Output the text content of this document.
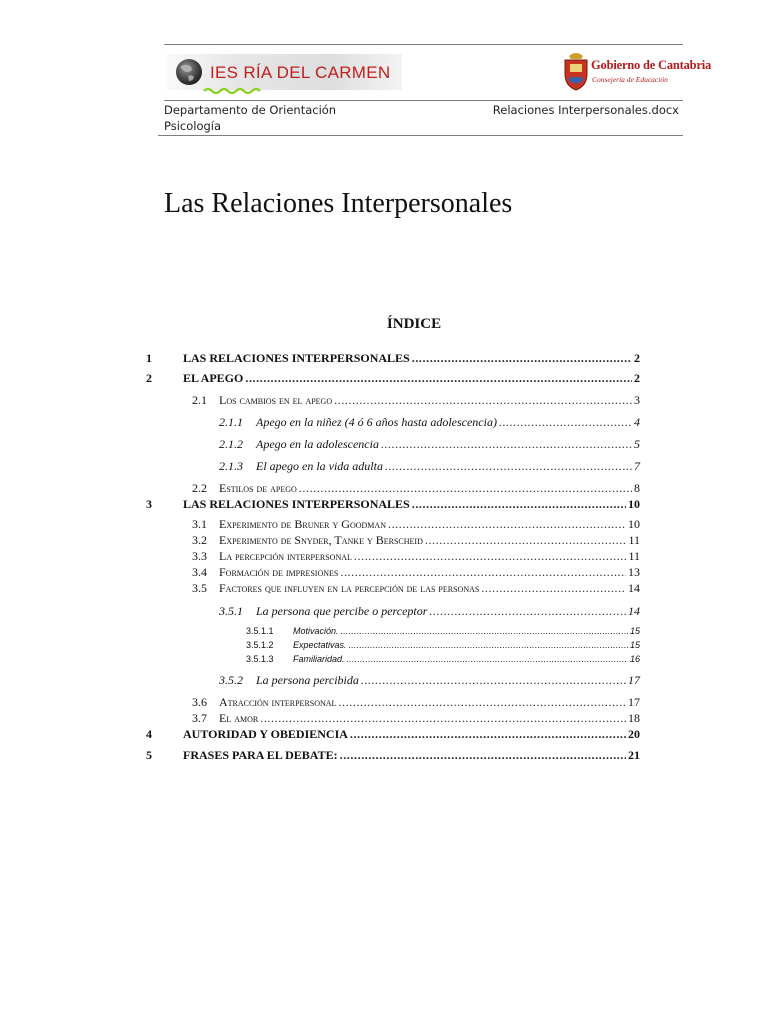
IES RÍA DEL CARMEN	Gobierno de Cantabria
Consejería de Educación
Departamento de Orientación
Psicología
Relaciones Interpersonales.docx
Las Relaciones Interpersonales
ÍNDICE
1	LAS RELACIONES INTERPERSONALES .....	2
2	EL APEGO .....	2
2.1 Los cambios en el apego .....	3
2.1.1 Apego en la niñez (4 ó 6 años hasta adolescencia) .....	4
2.1.2 Apego en la adolescencia .....	5
2.1.3 El apego en la vida adulta .....	7
2.2 Estilos de apego .....	8
3	LAS RELACIONES INTERPERSONALES .....	10
3.1 Experimento de Bruner y Goodman .....	10
3.2 Experimento de Snyder, Tanke y Berscheid .....	11
3.3 La percepción interpersonal .....	11
3.4 Formación de impresiones .....	13
3.5 Factores que influyen en la percepción de las personas .....	14
3.5.1 La persona que percibe o perceptor .....	14
3.5.1.1 Motivación. .....	15
3.5.1.2 Expectativas. .....	15
3.5.1.3 Familiaridad. .....	16
3.5.2 La persona percibida .....	17
3.6 Atracción interpersonal .....	17
3.7 El amor .....	18
4	AUTORIDAD Y OBEDIENCIA .....	20
5	FRASES PARA EL DEBATE: .....	21
